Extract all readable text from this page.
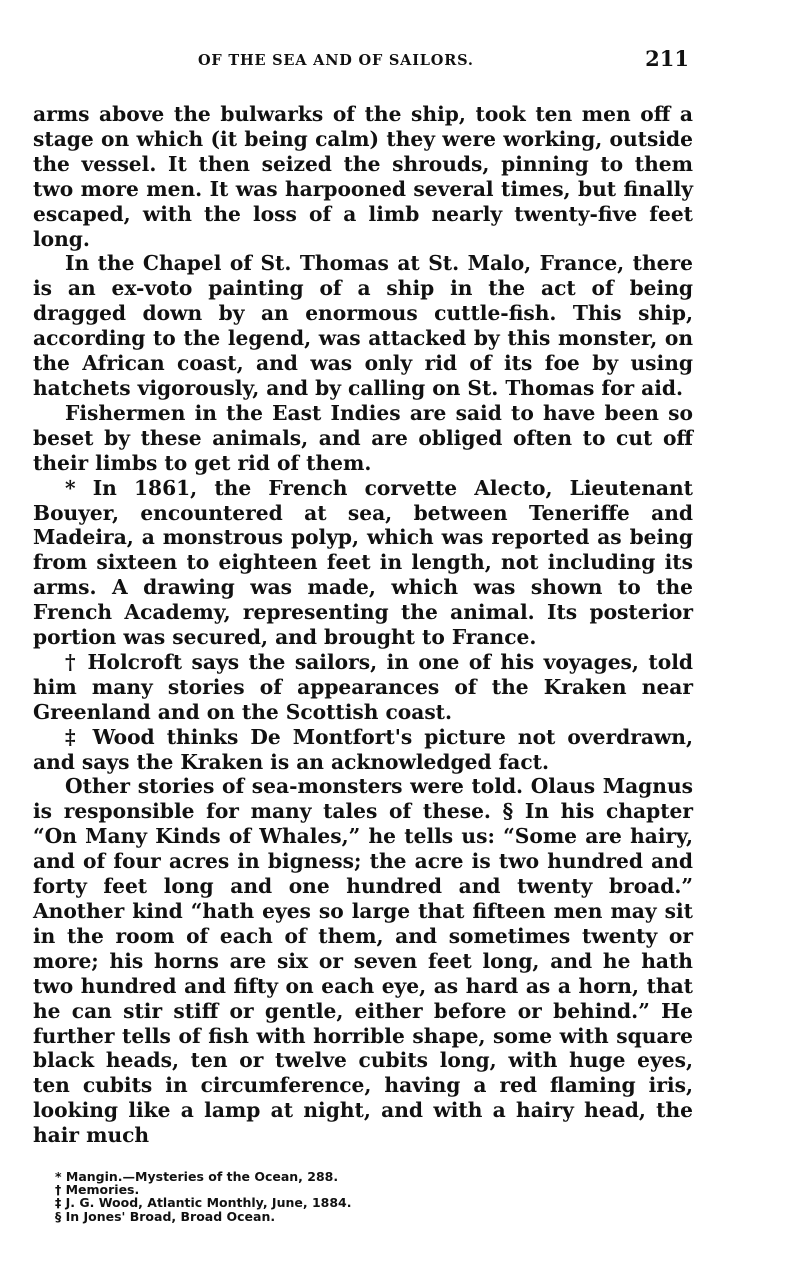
OF THE SEA AND OF SAILORS.	211

arms above the bulwarks of the ship, took ten men off a stage on which (it being calm) they were working, outside the vessel. It then seized the shrouds, pinning to them two more men. It was harpooned several times, but finally escaped, with the loss of a limb nearly twenty-five feet long.

In the Chapel of St. Thomas at St. Malo, France, there is an ex-voto painting of a ship in the act of being dragged down by an enormous cuttle-fish. This ship, according to the legend, was attacked by this monster, on the African coast, and was only rid of its foe by using hatchets vigorously, and by calling on St. Thomas for aid.

Fishermen in the East Indies are said to have been so beset by these animals, and are obliged often to cut off their limbs to get rid of them.

* In 1861, the French corvette Alecto, Lieutenant Bouyer, encountered at sea, between Teneriffe and Madeira, a monstrous polyp, which was reported as being from sixteen to eighteen feet in length, not including its arms. A drawing was made, which was shown to the French Academy, representing the animal. Its posterior portion was secured, and brought to France.

† Holcroft says the sailors, in one of his voyages, told him many stories of appearances of the Kraken near Greenland and on the Scottish coast.

‡ Wood thinks De Montfort's picture not overdrawn, and says the Kraken is an acknowledged fact.

Other stories of sea-monsters were told. Olaus Magnus is responsible for many tales of these. § In his chapter “On Many Kinds of Whales,” he tells us: “Some are hairy, and of four acres in bigness; the acre is two hundred and forty feet long and one hundred and twenty broad.” Another kind “hath eyes so large that fifteen men may sit in the room of each of them, and sometimes twenty or more; his horns are six or seven feet long, and he hath two hundred and fifty on each eye, as hard as a horn, that he can stir stiff or gentle, either before or behind.” He further tells of fish with horrible shape, some with square black heads, ten or twelve cubits long, with huge eyes, ten cubits in circumference, having a red flaming iris, looking like a lamp at night, and with a hairy head, the hair much

* Mangin.—Mysteries of the Ocean, 288.
† Memories.
‡ J. G. Wood, Atlantic Monthly, June, 1884.
§ In Jones' Broad, Broad Ocean.
